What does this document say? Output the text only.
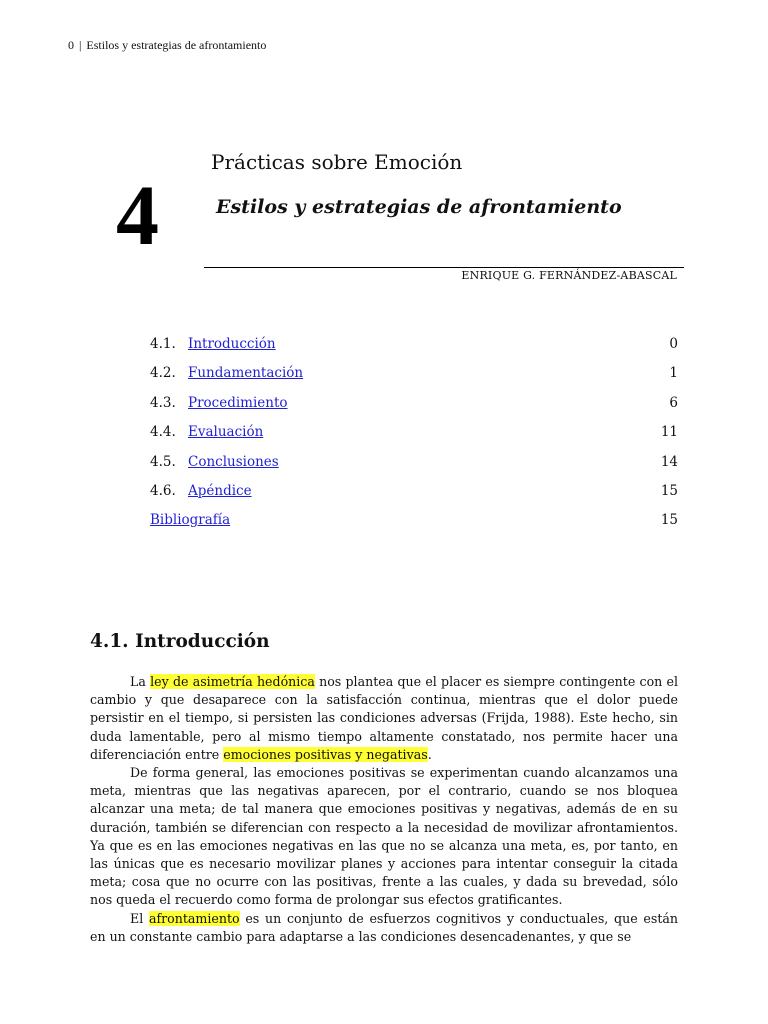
0 | Estilos y estrategias de afrontamiento
4
Prácticas sobre Emoción
Estilos y estrategias de afrontamiento
ENRIQUE G. FERNÁNDEZ-ABASCAL
4.1. Introducción	0
4.2. Fundamentación	1
4.3. Procedimiento	6
4.4. Evaluación	11
4.5. Conclusiones	14
4.6. Apéndice	15
Bibliografía	15
4.1. Introducción

La ley de asimetría hedónica nos plantea que el placer es siempre contingente con el cambio y que desaparece con la satisfacción continua, mientras que el dolor puede persistir en el tiempo, si persisten las condiciones adversas (Frijda, 1988). Este hecho, sin duda lamentable, pero al mismo tiempo altamente constatado, nos permite hacer una diferenciación entre emociones positivas y negativas.

De forma general, las emociones positivas se experimentan cuando alcanzamos una meta, mientras que las negativas aparecen, por el contrario, cuando se nos bloquea alcanzar una meta; de tal manera que emociones positivas y negativas, además de en su duración, también se diferencian con respecto a la necesidad de movilizar afrontamientos. Ya que es en las emociones negativas en las que no se alcanza una meta, es, por tanto, en las únicas que es necesario movilizar planes y acciones para intentar conseguir la citada meta; cosa que no ocurre con las positivas, frente a las cuales, y dada su brevedad, sólo nos queda el recuerdo como forma de prolongar sus efectos gratificantes.

El afrontamiento es un conjunto de esfuerzos cognitivos y conductuales, que están en un constante cambio para adaptarse a las condiciones desencadenantes, y que se
